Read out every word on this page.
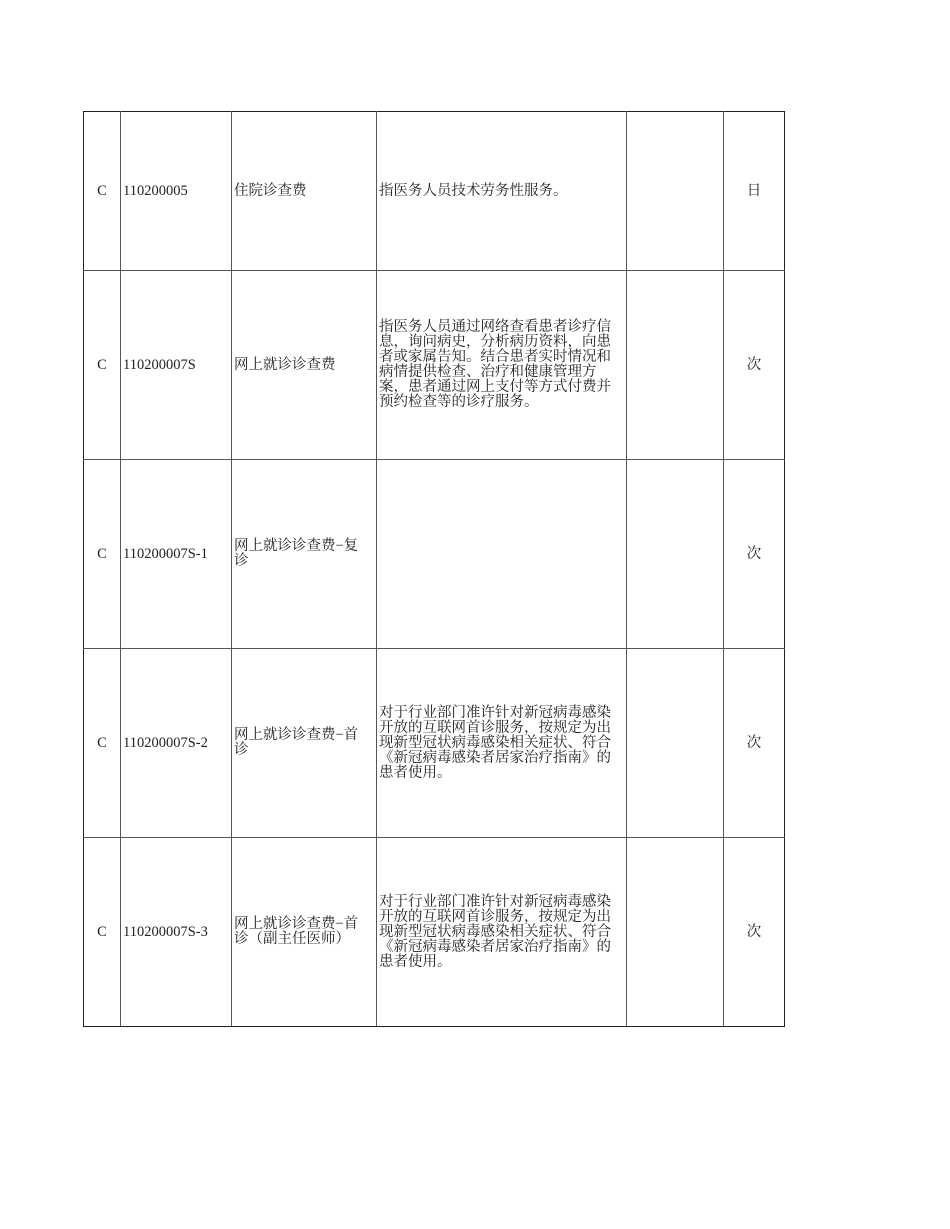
C	110200005	住院诊查费	指医务人员技术劳务性服务。		日
C	110200007S	网上就诊诊查费	指医务人员通过网络查看患者诊疗信息，询问病史，分析病历资料，向患者或家属告知。结合患者实时情况和病情提供检查、治疗和健康管理方案，患者通过网上支付等方式付费并预约检查等的诊疗服务。		次
C	110200007S-1	网上就诊诊查费−复诊			次
C	110200007S-2	网上就诊诊查费−首诊	对于行业部门准许针对新冠病毒感染开放的互联网首诊服务，按规定为出现新型冠状病毒感染相关症状、符合《新冠病毒感染者居家治疗指南》的患者使用。		次
C	110200007S-3	网上就诊诊查费−首诊（副主任医师）	对于行业部门准许针对新冠病毒感染开放的互联网首诊服务，按规定为出现新型冠状病毒感染相关症状、符合《新冠病毒感染者居家治疗指南》的患者使用。		次
